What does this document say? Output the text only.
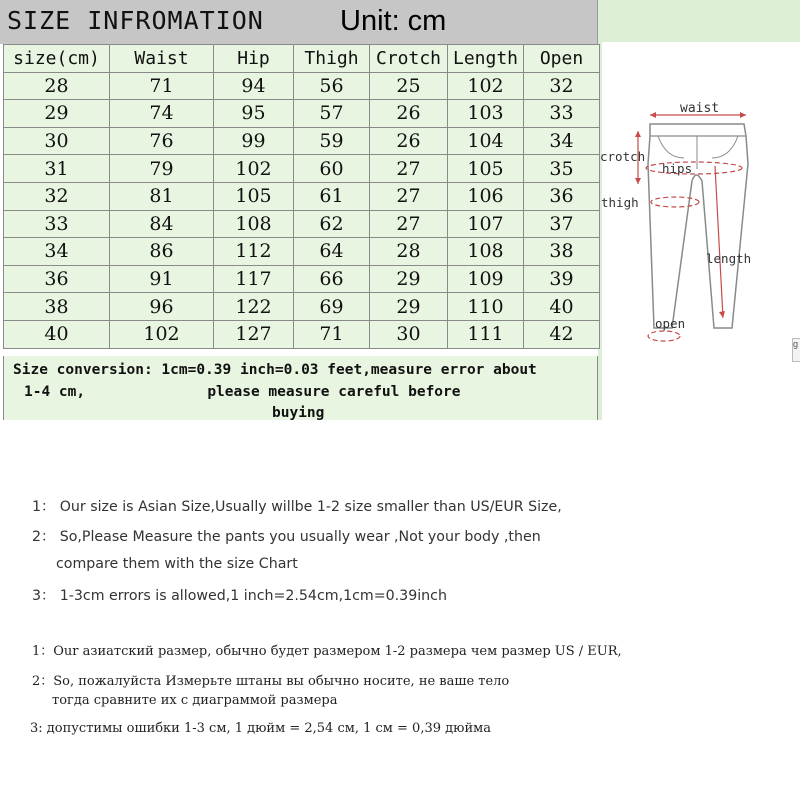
SIZE INFROMATION	Unit: cm
size(cm)	Waist	Hip	Thigh	Crotch	Length	Open
28	71	94	56	25	102	32
29	74	95	57	26	103	33
30	76	99	59	26	104	34
31	79	102	60	27	105	35
32	81	105	61	27	106	36
33	84	108	62	27	107	37
34	86	112	64	28	108	38
36	91	117	66	29	109	39
38	96	122	69	29	110	40
40	102	127	71	30	111	42
Size conversion: 1cm=0.39 inch=0.03 feet,measure error about
1-4 cm,              please measure careful before
buying
waist
crotch
hips
thigh
length
open
g
1： Our size is Asian Size,Usually willbe 1-2 size smaller than US/EUR Size,
2： So,Please Measure the pants you usually wear ,Not your body ,then
compare them with the size Chart
3： 1-3cm errors is allowed,1 inch=2.54cm,1cm=0.39inch
1：Our азиатский размер, обычно будет размером 1-2 размера чем размер US / EUR,
2：So, пожалуйста Измерьте штаны вы обычно носите, не ваше тело
тогда сравните их с диаграммой размера
3: допустимы ошибки 1-3 см, 1 дюйм = 2,54 см, 1 см = 0,39 дюйма
